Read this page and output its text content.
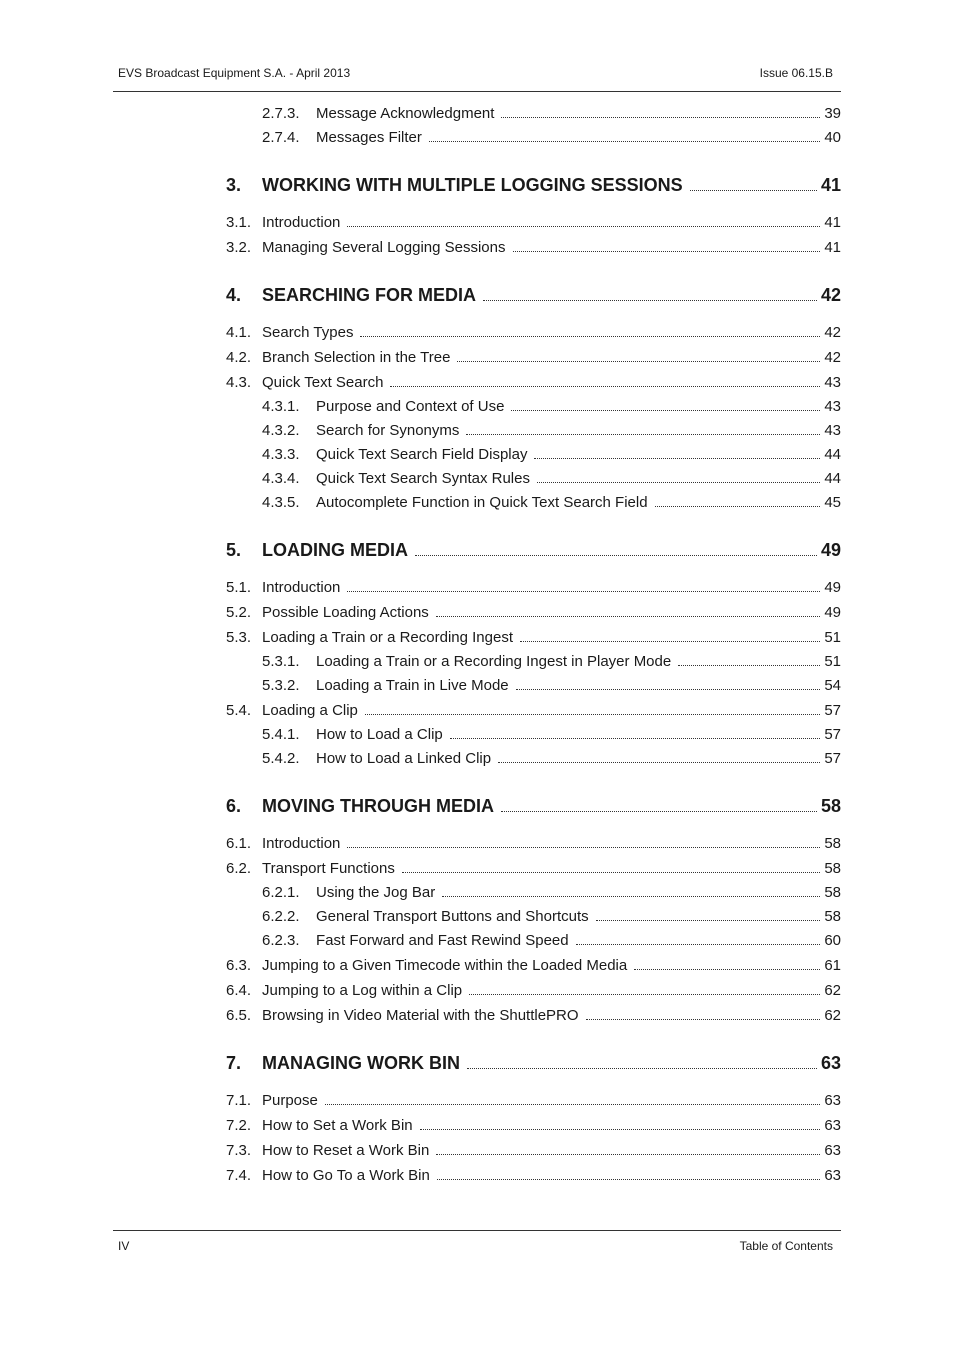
EVS Broadcast Equipment S.A. - April 2013	Issue 06.15.B
2.7.3.	Message Acknowledgment	39
2.7.4.	Messages Filter	40
3.	WORKING WITH MULTIPLE LOGGING SESSIONS	41
3.1. Introduction	41
3.2. Managing Several Logging Sessions	41
4.	SEARCHING FOR MEDIA	42
4.1. Search Types	42
4.2. Branch Selection in the Tree	42
4.3. Quick Text Search	43
4.3.1.	Purpose and Context of Use	43
4.3.2.	Search for Synonyms	43
4.3.3.	Quick Text Search Field Display	44
4.3.4.	Quick Text Search Syntax Rules	44
4.3.5.	Autocomplete Function in Quick Text Search Field	45
5.	LOADING MEDIA	49
5.1. Introduction	49
5.2. Possible Loading Actions	49
5.3. Loading a Train or a Recording Ingest	51
5.3.1.	Loading a Train or a Recording Ingest in Player Mode	51
5.3.2.	Loading a Train in Live Mode	54
5.4. Loading a Clip	57
5.4.1.	How to Load a Clip	57
5.4.2.	How to Load a Linked Clip	57
6.	MOVING THROUGH MEDIA	58
6.1. Introduction	58
6.2. Transport Functions	58
6.2.1.	Using the Jog Bar	58
6.2.2.	General Transport Buttons and Shortcuts	58
6.2.3.	Fast Forward and Fast Rewind Speed	60
6.3. Jumping to a Given Timecode within the Loaded Media	61
6.4. Jumping to a Log within a Clip	62
6.5. Browsing in Video Material with the ShuttlePRO	62
7.	MANAGING WORK BIN	63
7.1. Purpose	63
7.2. How to Set a Work Bin	63
7.3. How to Reset a Work Bin	63
7.4. How to Go To a Work Bin	63
IV	Table of Contents
